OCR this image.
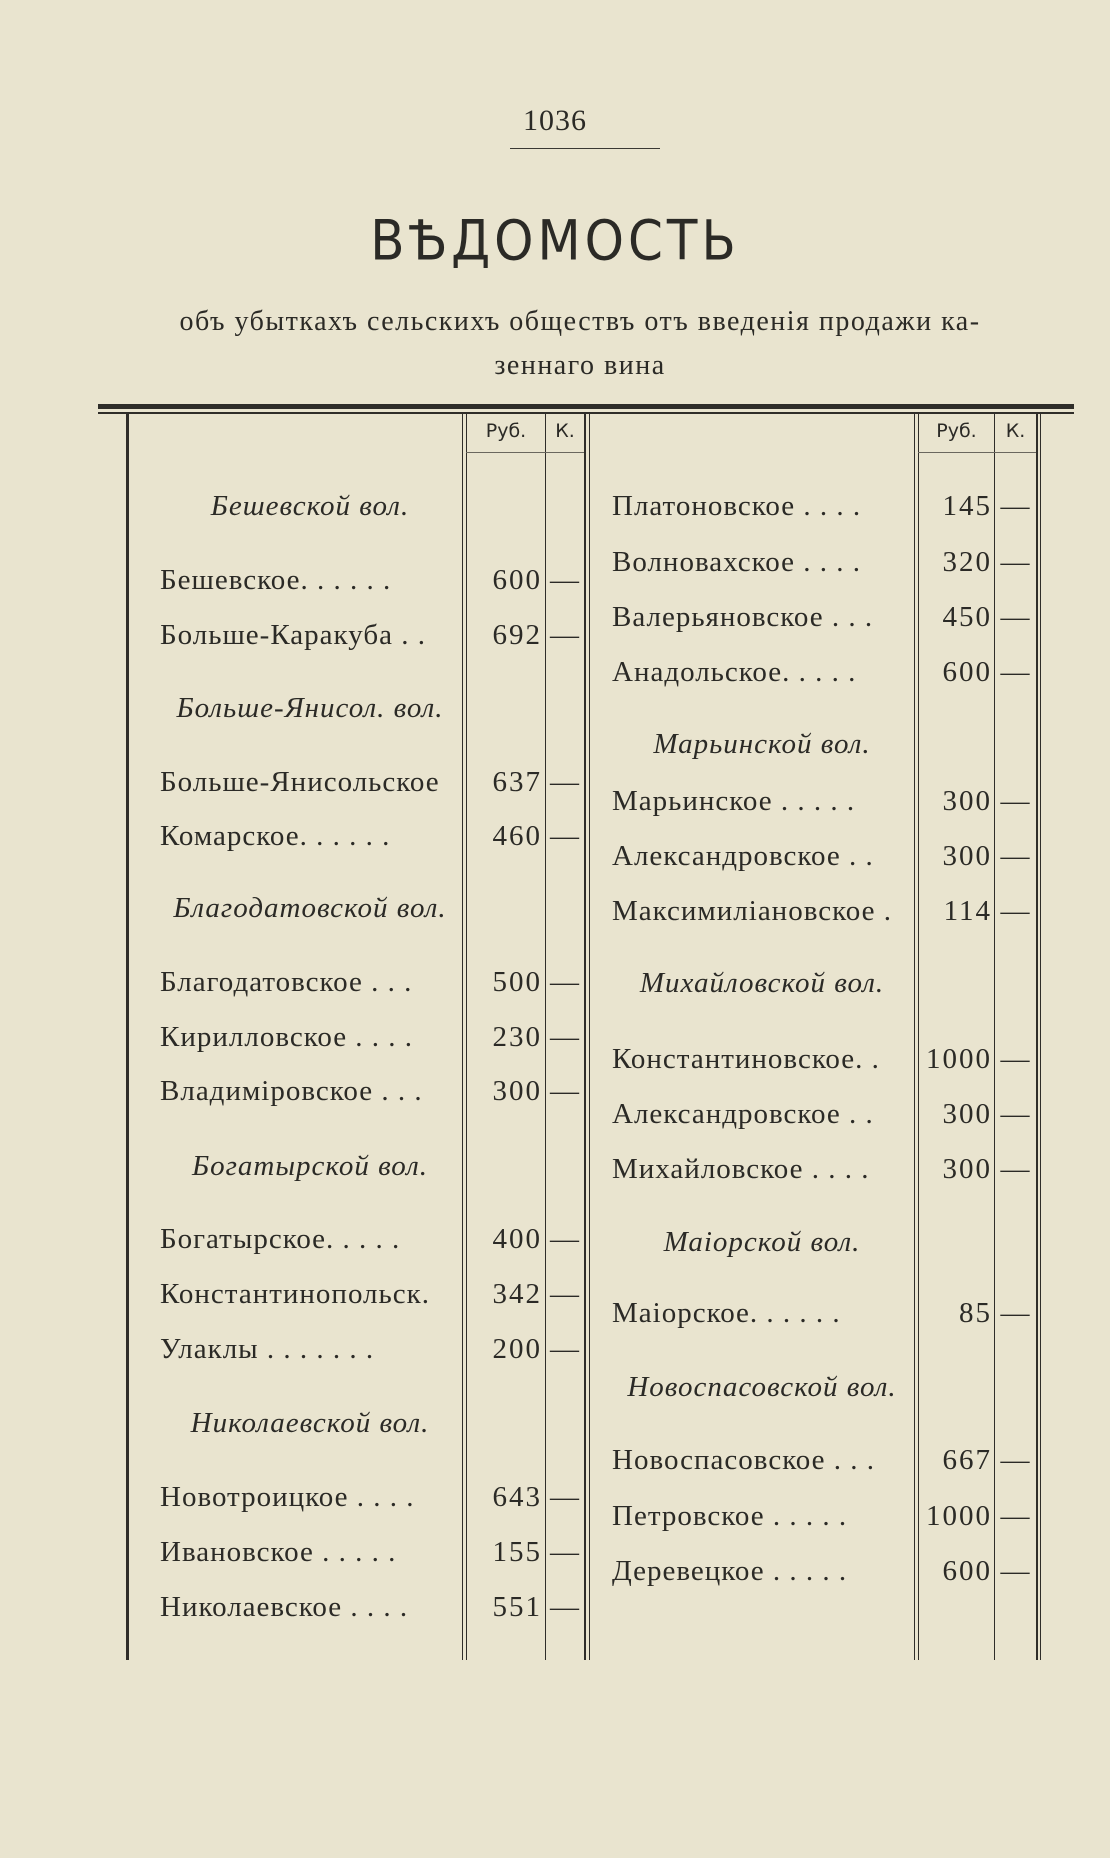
1036
ВѢДОМОСТЬ
объ убыткахъ сельскихъ обществъ отъ введенія продажи ка-
зеннаго вина
Руб.	К.	Руб.	К.
Бешевской вол.
Бешевское. . . . . .	600 —
Больше-Каракуба . .	692 —
Больше-Янисол. вол.
Больше-Янисольское	637 —
Комарское. . . . . .	460 —
Благодатовской вол.
Благодатовское . . .	500 —
Кирилловское . . . .	230 —
Владиміровское . . .	300 —
Богатырской вол.
Богатырское. . . . .	400 —
Константинопольск.	342 —
Улаклы . . . . . . .	200 —
Николаевской вол.
Новотроицкое . . . .	643 —
Ивановское . . . . .	155 —
Николаевское . . . .	551 —
Платоновское . . . .	145 —
Волновахское . . . .	320 —
Валерьяновское . . .	450 —
Анадольское. . . . .	600 —
Марьинской вол.
Марьинское . . . . .	300 —
Александровское . .	300 —
Максимиліановское .	114 —
Михайловской вол.
Константиновское. .	1000 —
Александровское . .	300 —
Михайловское . . . .	300 —
Маіорской вол.
Маіорское. . . . . .	85 —
Новоспасовской вол.
Новоспасовское . . .	667 —
Петровское . . . . .	1000 —
Деревецкое . . . . .	600 —
